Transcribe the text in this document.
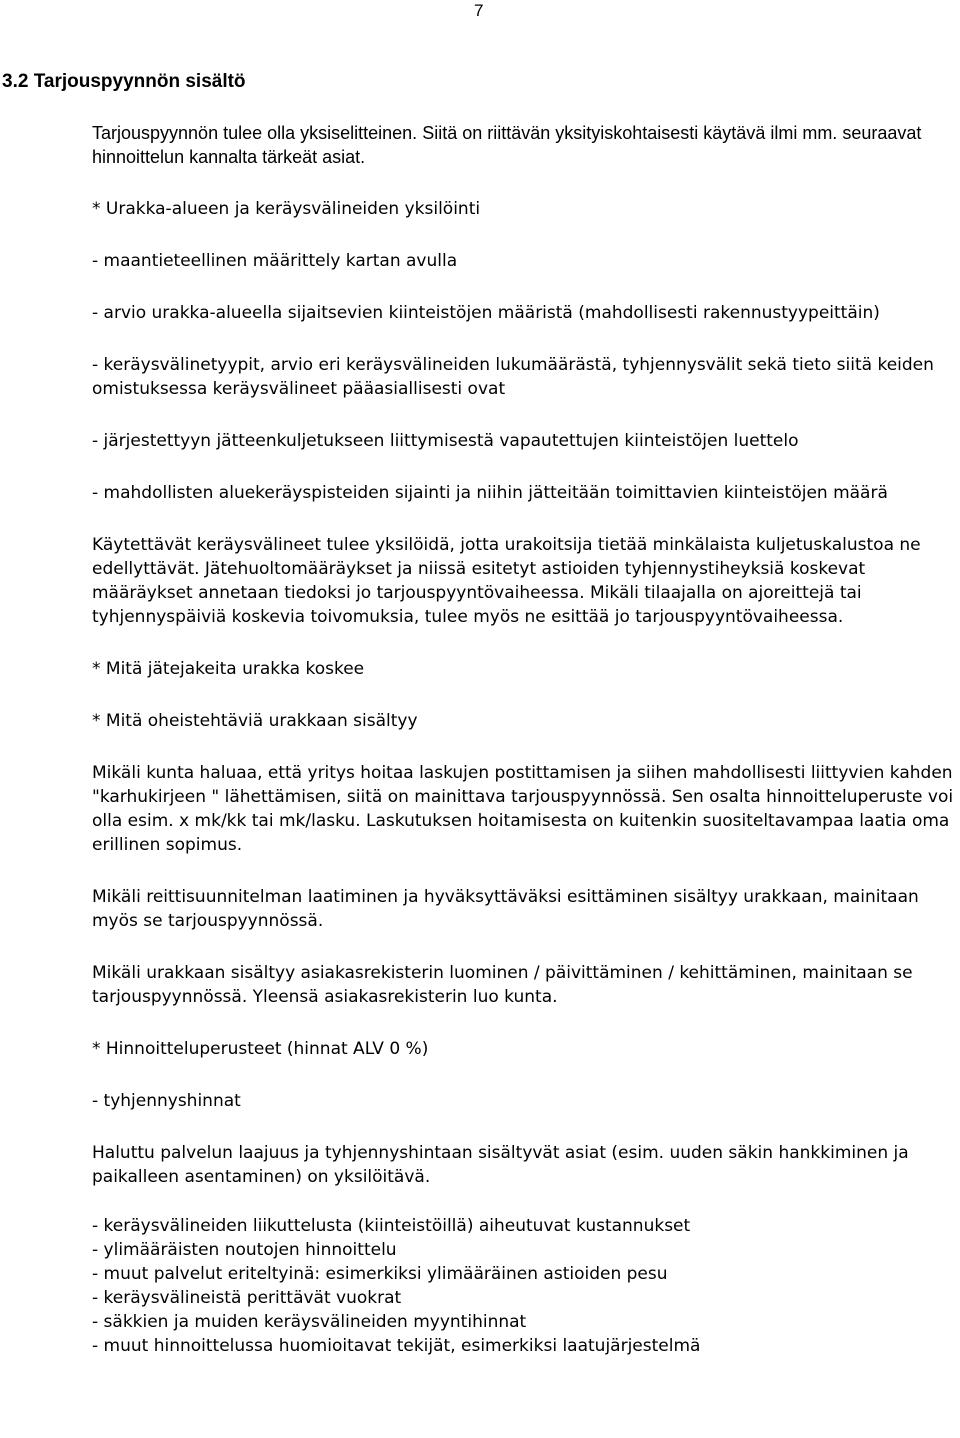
7
3.2 Tarjouspyynnön sisältö

Tarjouspyynnön tulee olla yksiselitteinen. Siitä on riittävän yksityiskohtaisesti käytävä ilmi mm. seuraavat hinnoittelun kannalta tärkeät asiat.

* Urakka-alueen ja keräysvälineiden yksilöinti

- maantieteellinen määrittely kartan avulla

- arvio urakka-alueella sijaitsevien kiinteistöjen määristä (mahdollisesti rakennustyypeittäin)

- keräysvälinetyypit, arvio eri keräysvälineiden lukumäärästä, tyhjennysvälit sekä tieto siitä keiden omistuksessa keräysvälineet pääasiallisesti ovat

- järjestettyyn jätteenkuljetukseen liittymisestä vapautettujen kiinteistöjen luettelo

- mahdollisten aluekeräyspisteiden sijainti ja niihin jätteitään toimittavien kiinteistöjen määrä

Käytettävät keräysvälineet tulee yksilöidä, jotta urakoitsija tietää minkälaista kuljetuskalustoa ne edellyttävät. Jätehuoltomääräykset ja niissä esitetyt astioiden tyhjennystiheyksiä koskevat määräykset annetaan tiedoksi jo tarjouspyyntövaiheessa. Mikäli tilaajalla on ajoreittejä tai tyhjennyspäiviä koskevia toivomuksia, tulee myös ne esittää jo tarjouspyyntövaiheessa.

* Mitä jätejakeita urakka koskee

* Mitä oheistehtäviä urakkaan sisältyy

Mikäli kunta haluaa, että yritys hoitaa laskujen postittamisen ja siihen mahdollisesti liittyvien kahden "karhukirjeen " lähettämisen, siitä on mainittava tarjouspyynnössä. Sen osalta hinnoitteluperuste voi olla esim. x mk/kk tai mk/lasku. Laskutuksen hoitamisesta on kuitenkin suositeltavampaa laatia oma erillinen sopimus.

Mikäli reittisuunnitelman laatiminen ja hyväksyttäväksi esittäminen sisältyy urakkaan, mainitaan myös se tarjouspyynnössä.

Mikäli urakkaan sisältyy asiakasrekisterin luominen / päivittäminen / kehittäminen, mainitaan se tarjouspyynnössä. Yleensä asiakasrekisterin luo kunta.

* Hinnoitteluperusteet (hinnat ALV 0 %)

- tyhjennyshinnat

Haluttu palvelun laajuus ja tyhjennyshintaan sisältyvät asiat (esim. uuden säkin hankkiminen ja paikalleen asentaminen) on yksilöitävä.

- keräysvälineiden liikuttelusta (kiinteistöillä) aiheutuvat kustannukset
- ylimääräisten noutojen hinnoittelu
- muut palvelut eriteltyinä: esimerkiksi ylimääräinen astioiden pesu
- keräysvälineistä perittävät vuokrat
- säkkien ja muiden keräysvälineiden myyntihinnat
- muut hinnoittelussa huomioitavat tekijät, esimerkiksi laatujärjestelmä
